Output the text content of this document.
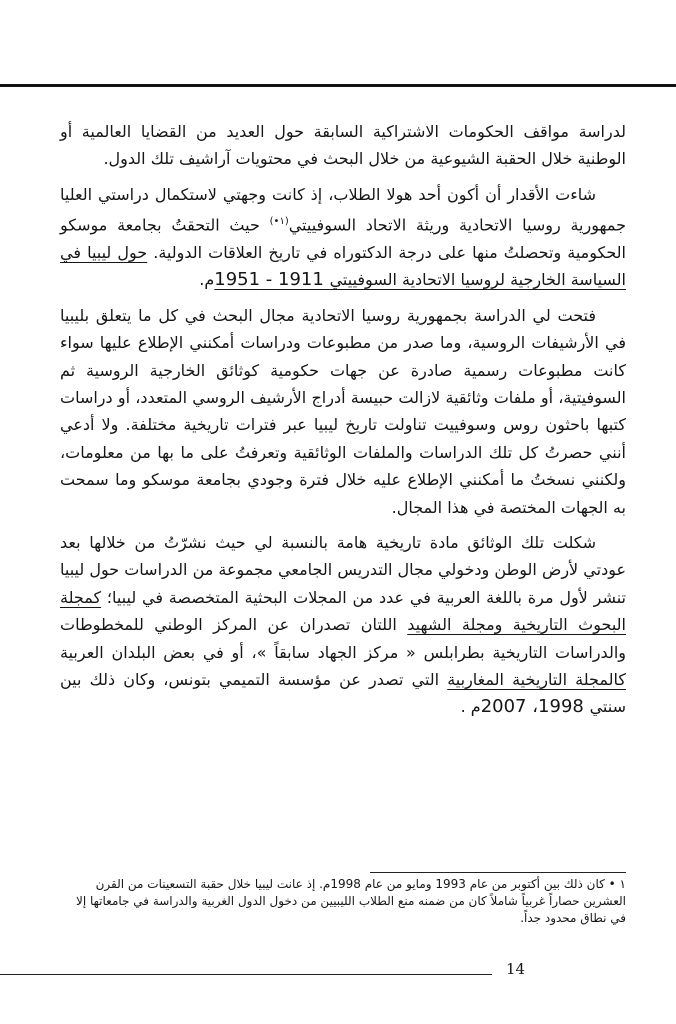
لدراسة مواقف الحكومات الاشتراكية السابقة حول العديد من القضايا العالمية أو الوطنية خلال الحقبة الشيوعية من خلال البحث في محتويات آراشيف تلك الدول.

شاءت الأقدار أن أكون أحد هولا الطلاب، إذ كانت وجهتي لاستكمال دراستي العليا جمهورية روسيا الاتحادية وريثة الاتحاد السوفييتي$^{(١•)}$ حيث التحقتُ بجامعة موسكو الحكومية وتحصلتُ منها على درجة الدكتوراه في تاريخ العلاقات الدولية. حول ليبيا في السياسة الخارجية لروسيا الاتحادية السوفييتي 1911 - 1951م.

فتحت لي الدراسة بجمهورية روسيا الاتحادية مجال البحث في كل ما يتعلق بليبيا في الأرشيفات الروسية، وما صدر من مطبوعات ودراسات أمكنني الإطلاع عليها سواء كانت مطبوعات رسمية صادرة عن جهات حكومية كوثائق الخارجية الروسية ثم السوفيتية، أو ملفات وثائقية لازالت حبيسة أدراج الأرشيف الروسي المتعدد، أو دراسات كتبها باحثون روس وسوفييت تناولت تاريخ ليبيا عبر فترات تاريخية مختلفة. ولا أدعي أنني حصرتُ كل تلك الدراسات والملفات الوثائقية وتعرفتُ على ما بها من معلومات، ولكنني نسختُ ما أمكنني الإطلاع عليه خلال فترة وجودي بجامعة موسكو وما سمحت به الجهات المختصة في هذا المجال.

شكلت تلك الوثائق مادة تاريخية هامة بالنسبة لي حيث نشرّتُ من خلالها بعد عودتي لأرض الوطن ودخولي مجال التدريس الجامعي مجموعة من الدراسات حول ليبيا تنشر لأول مرة باللغة العربية في عدد من المجلات البحثية المتخصصة في ليبيا؛ كمجلة البحوث التاريخية ومجلة الشهيد اللتان تصدران عن المركز الوطني للمخطوطات والدراسات التاريخية بطرابلس « مركز الجهاد سابقاً »، أو في بعض البلدان العربية كالمجلة التاريخية المغاربية التي تصدر عن مؤسسة التميمي بتونس، وكان ذلك بين سنتي 1998، 2007م .

١ • كان ذلك بين أكتوبر من عام 1993 ومايو من عام 1998م. إذ عانت ليبيا خلال حقبة التسعينات من القرن العشرين حصاراً غربياً شاملاً كان من ضمنه منع الطلاب الليبيين من دخول الدول الغربية والدراسة في جامعاتها إلا في نطاق محدود جداً.

14
